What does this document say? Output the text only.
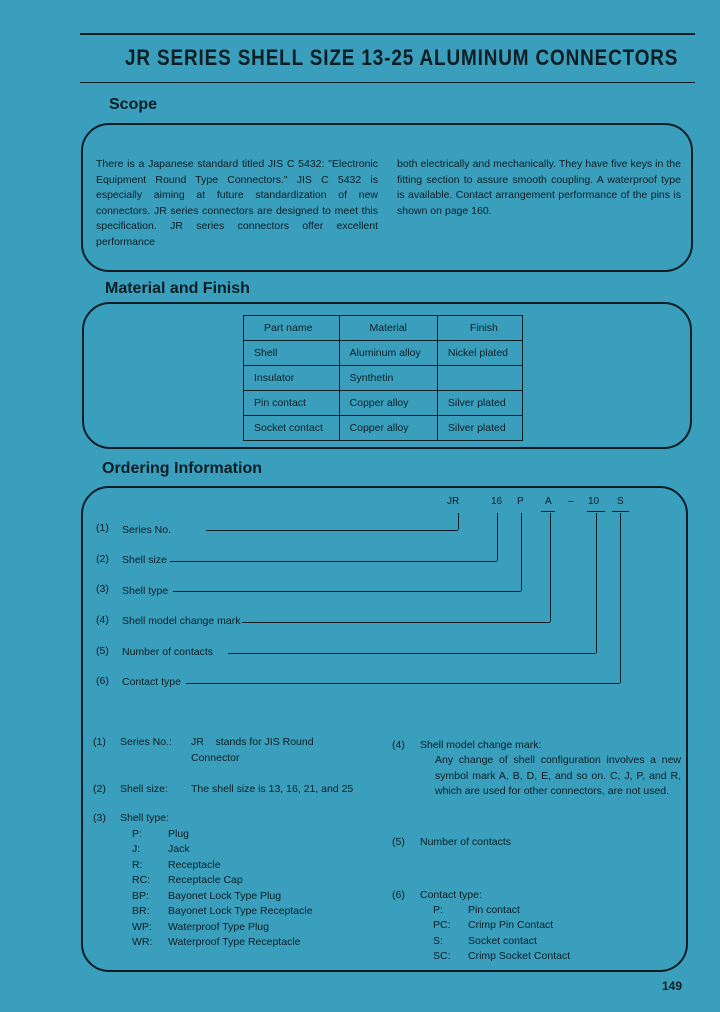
JR SERIES SHELL SIZE 13-25 ALUMINUM CONNECTORS
Scope
There is a Japanese standard titled JIS C 5432: "Electronic Equipment Round Type Connectors." JIS C 5432 is especially aiming at future standardization of new connectors. JR series connectors are designed to meet this specification. JR series connectors offer excellent performance
both electrically and mechanically. They have five keys in the fitting section to assure smooth coupling. A waterproof type is available. Contact arrangement performance of the pins is shown on page 160.
Material and Finish
Part name	Material	Finish
Shell	Aluminum alloy	Nickel plated
Insulator	Synthetin	
Pin contact	Copper alloy	Silver plated
Socket contact	Copper alloy	Silver plated
Ordering Information
JR	16 P A – 10 S
(1) Series No.
(2) Shell size
(3) Shell type
(4) Shell model change mark
(5) Number of contacts
(6) Contact type
(1) Series No.: JR    stands for JIS Round
Connector
(2) Shell size: The shell size is 13, 16, 21, and 25
(3) Shell type:
P: Plug
J:	Jack
R: Receptacle
RC: Receptacle Cap
BP: Bayonet Lock Type Plug
BR: Bayonet Lock Type Receptacle
WP: Waterproof Type Plug
WR: Waterproof Type Receptacle
(4) Shell model change mark:
Any change of shell configuration involves a new symbol mark A, B, D, E, and so on. C, J, P, and R, which are used for other connectors, are not used.
(5) Number of contacts
(6) Contact type:
P: Pin contact
PC: Crimp Pin Contact
S: Socket contact
SC: Crimp Socket Contact
149
